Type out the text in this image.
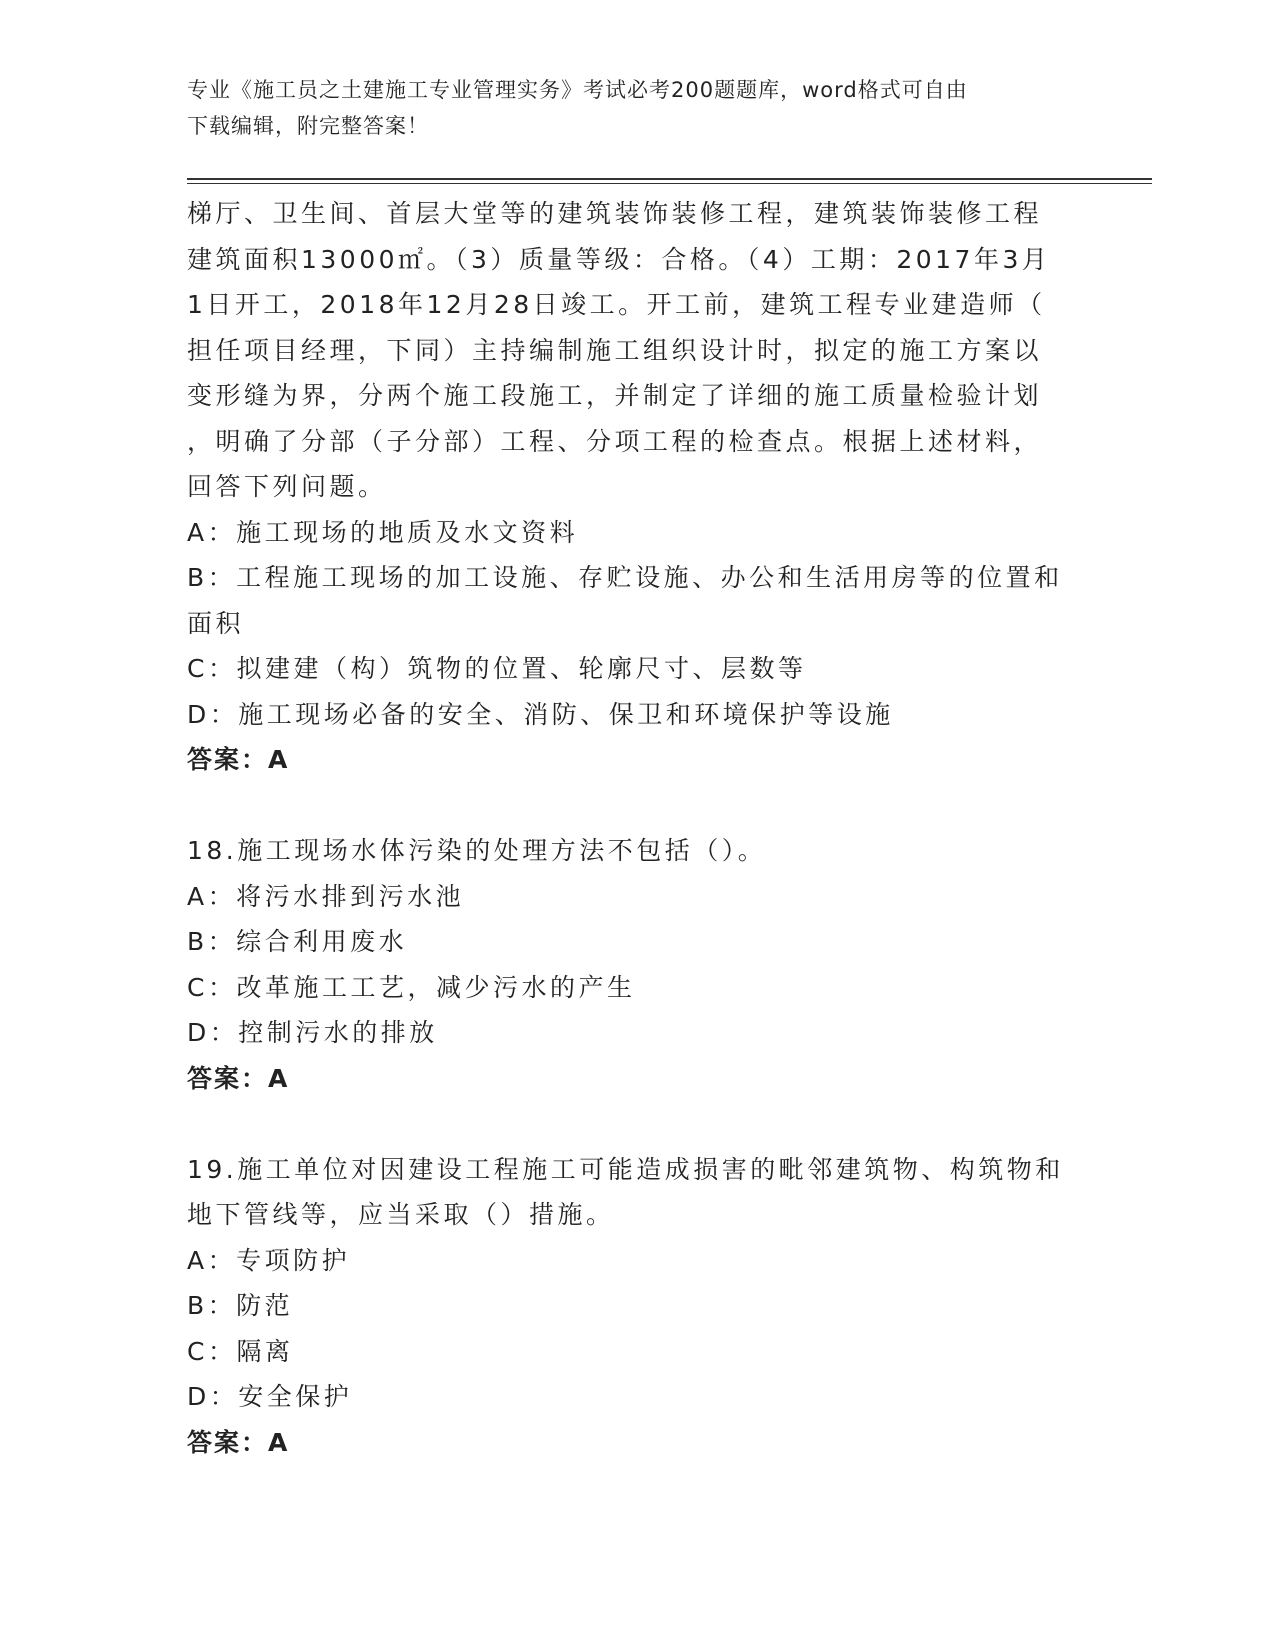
专业《施工员之土建施工专业管理实务》考试必考200题题库，word格式可自由
下载编辑，附完整答案！

梯厅、卫生间、首层大堂等的建筑装饰装修工程，建筑装饰装修工程

建筑面积13000㎡。（3）质量等级：合格。（4）工期：2017年3月

1日开工，2018年12月28日竣工。开工前，建筑工程专业建造师（

担任项目经理，下同）主持编制施工组织设计时，拟定的施工方案以

变形缝为界，分两个施工段施工，并制定了详细的施工质量检验计划

，明确了分部（子分部）工程、分项工程的检查点。根据上述材料，

回答下列问题。

A：施工现场的地质及水文资料

B：工程施工现场的加工设施、存贮设施、办公和生活用房等的位置和

面积

C：拟建建（构）筑物的位置、轮廓尺寸、层数等

D：施工现场必备的安全、消防、保卫和环境保护等设施

答案：A

18.施工现场水体污染的处理方法不包括（）。

A：将污水排到污水池

B：综合利用废水

C：改革施工工艺，减少污水的产生

D：控制污水的排放

答案：A

19.施工单位对因建设工程施工可能造成损害的毗邻建筑物、构筑物和

地下管线等，应当采取（）措施。

A：专项防护

B：防范

C：隔离

D：安全保护

答案：A
